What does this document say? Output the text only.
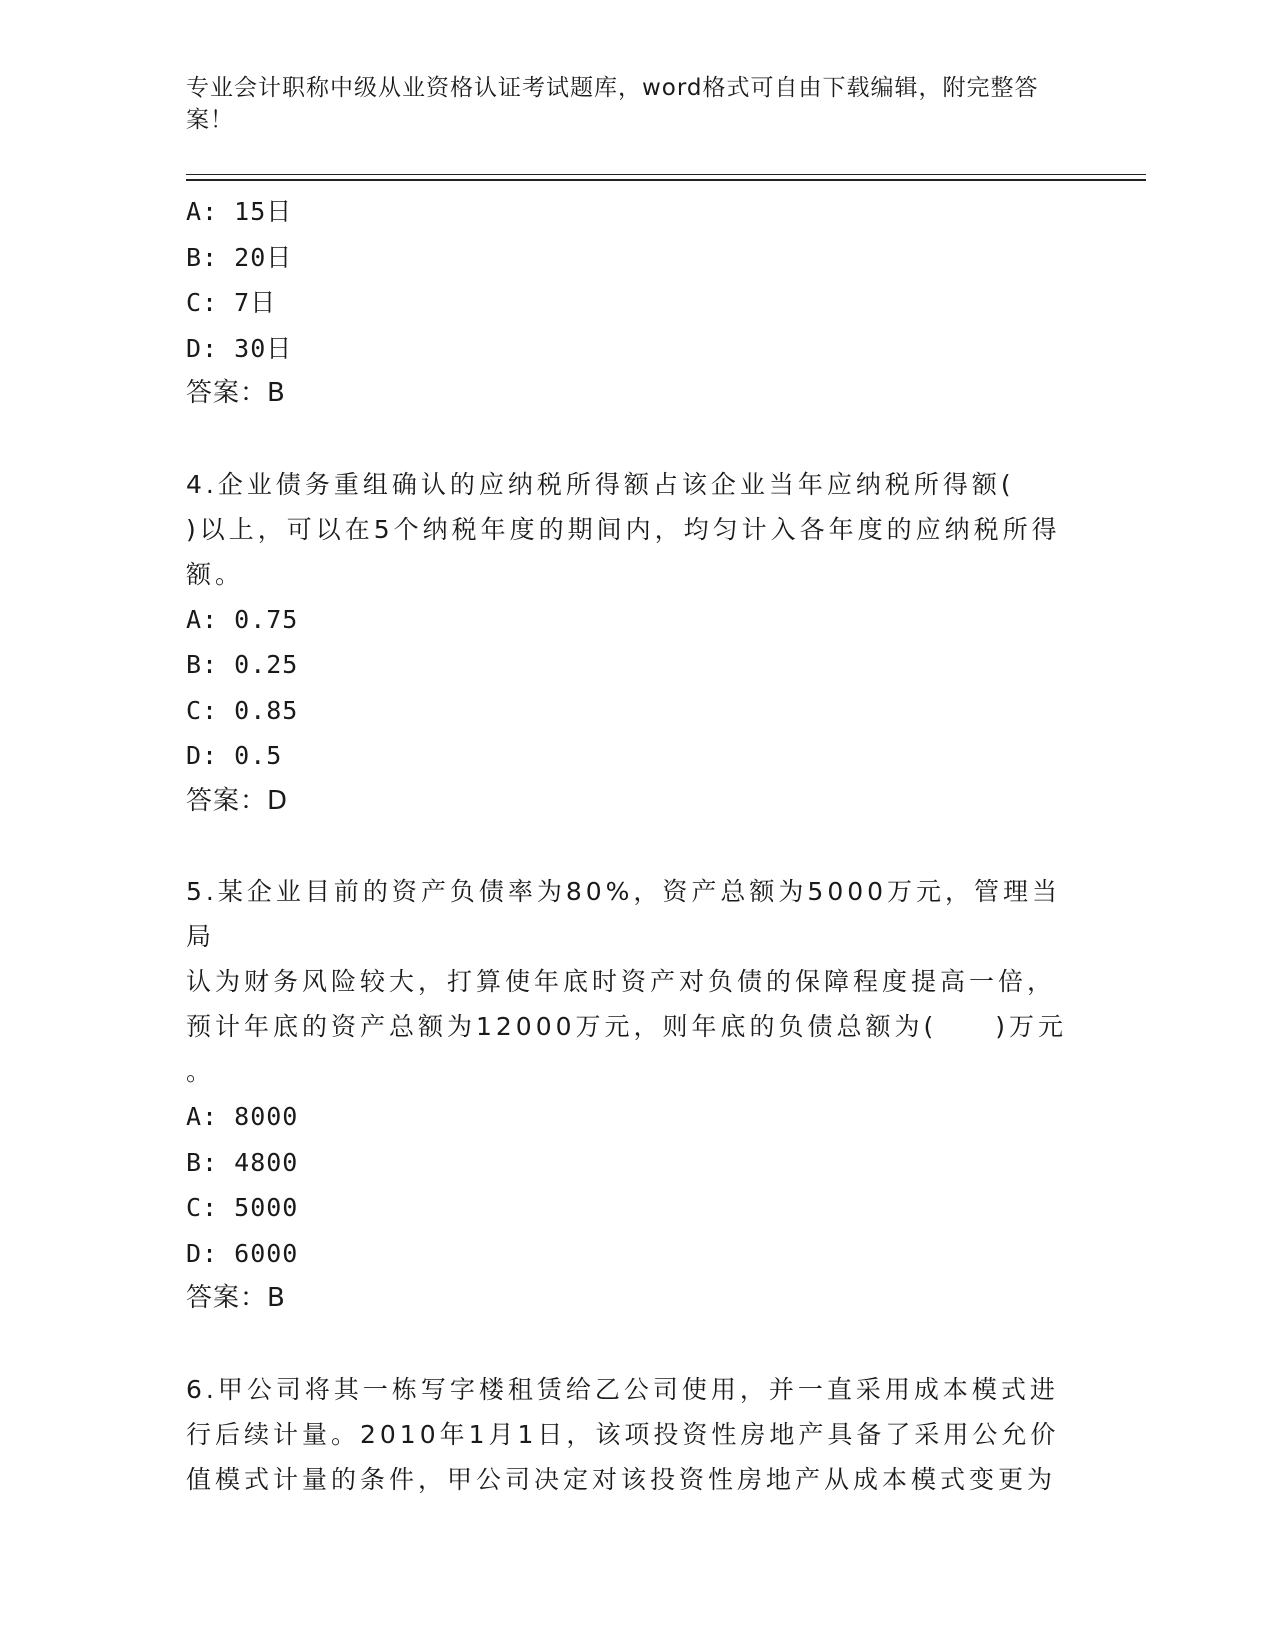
专业会计职称中级从业资格认证考试题库，word格式可自由下载编辑，附完整答
案！

A: 15日

B: 20日

C: 7日

D: 30日

答案：B

4.企业债务重组确认的应纳税所得额占该企业当年应纳税所得额(

)以上，可以在5个纳税年度的期间内，均匀计入各年度的应纳税所得

额。

A: 0.75

B: 0.25

C: 0.85

D: 0.5

答案：D

5.某企业目前的资产负债率为80%，资产总额为5000万元，管理当局

认为财务风险较大，打算使年底时资产对负债的保障程度提高一倍，

预计年底的资产总额为12000万元，则年底的负债总额为(　　)万元

。

A: 8000

B: 4800

C: 5000

D: 6000

答案：B

6.甲公司将其一栋写字楼租赁给乙公司使用，并一直采用成本模式进

行后续计量。2010年1月1日，该项投资性房地产具备了采用公允价

值模式计量的条件，甲公司决定对该投资性房地产从成本模式变更为
